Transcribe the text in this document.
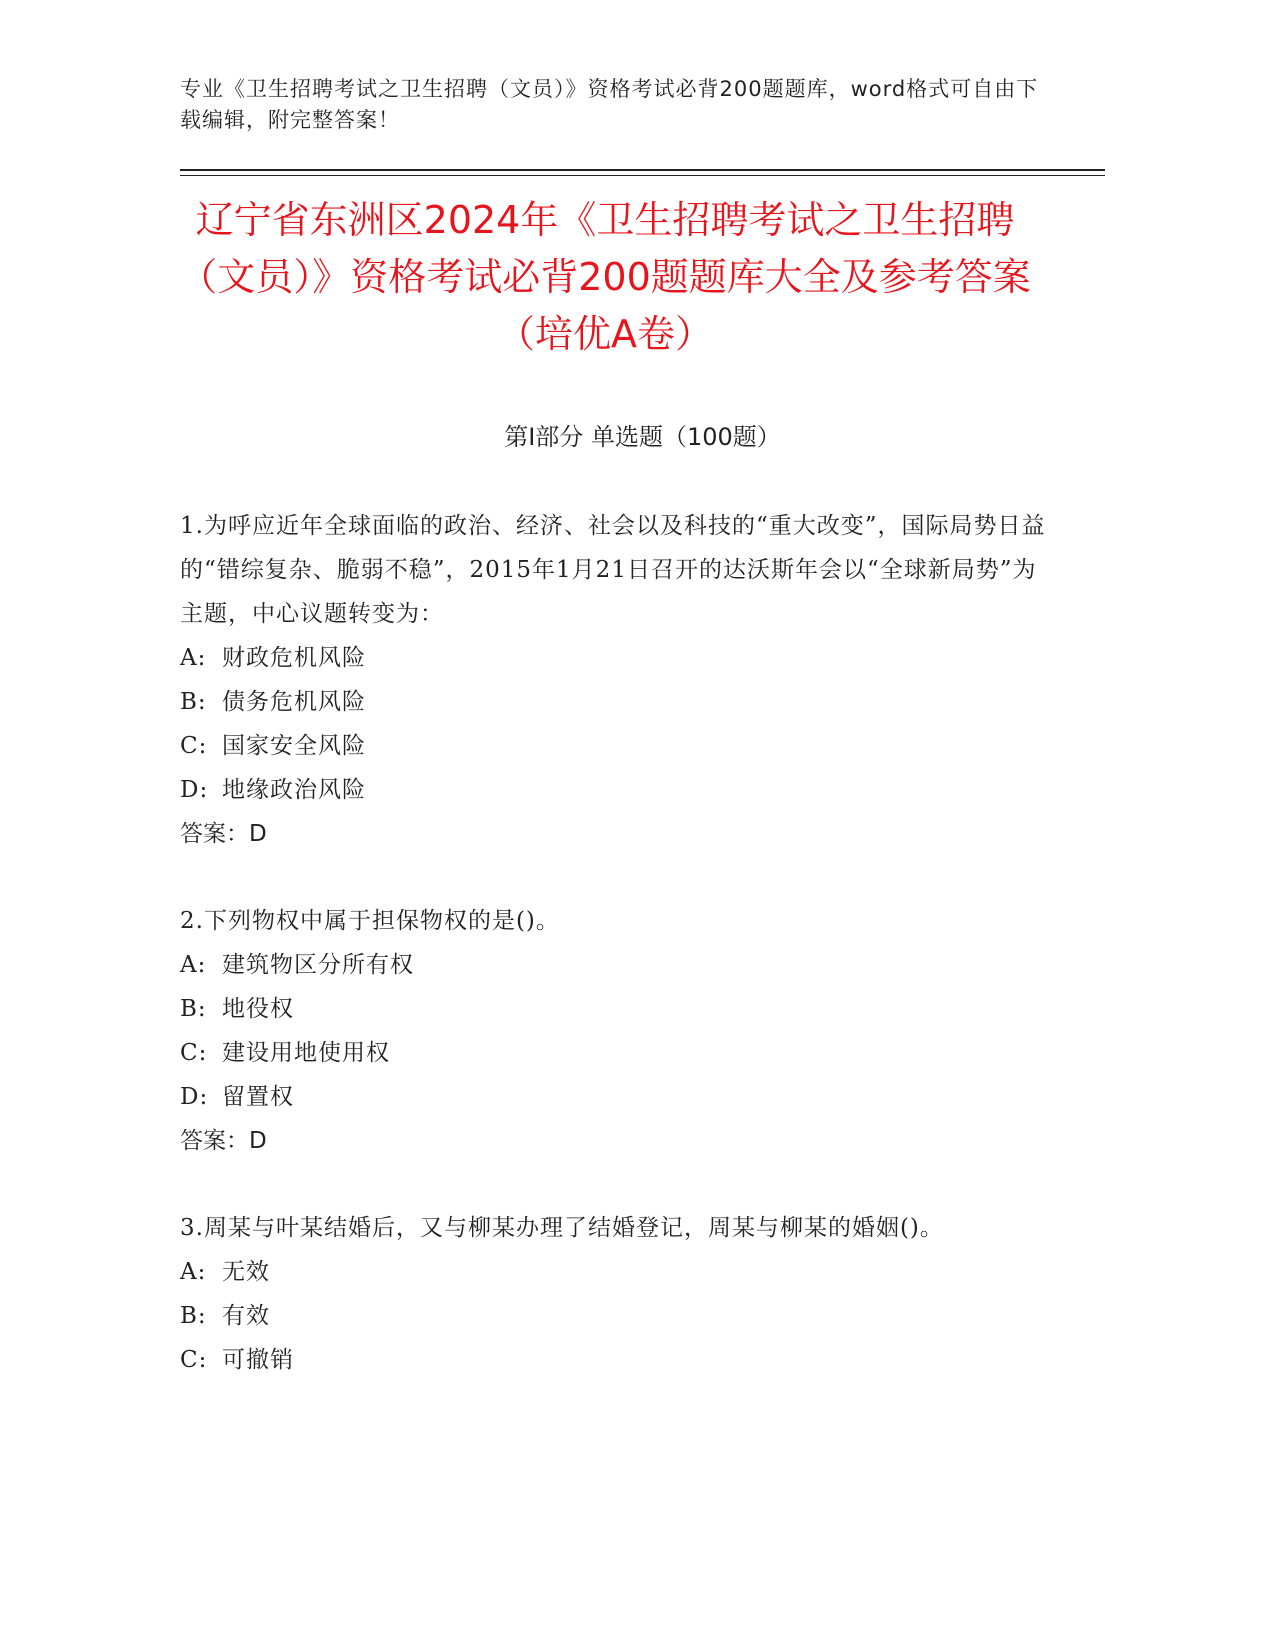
专业《卫生招聘考试之卫生招聘（文员）》资格考试必背200题题库，word格式可自由下载编辑，附完整答案！
辽宁省东洲区2024年《卫生招聘考试之卫生招聘（文员）》资格考试必背200题题库大全及参考答案（培优A卷）
第Ⅰ部分 单选题（100题）
1.为呼应近年全球面临的政治、经济、社会以及科技的“重大改变”，国际局势日益的“错综复杂、脆弱不稳”，2015年1月21日召开的达沃斯年会以“全球新局势”为主题，中心议题转变为：
A: 财政危机风险
B: 债务危机风险
C: 国家安全风险
D: 地缘政治风险
答案：D
2.下列物权中属于担保物权的是()。
A: 建筑物区分所有权
B: 地役权
C: 建设用地使用权
D: 留置权
答案：D
3.周某与叶某结婚后，又与柳某办理了结婚登记，周某与柳某的婚姻()。
A: 无效
B: 有效
C: 可撤销
